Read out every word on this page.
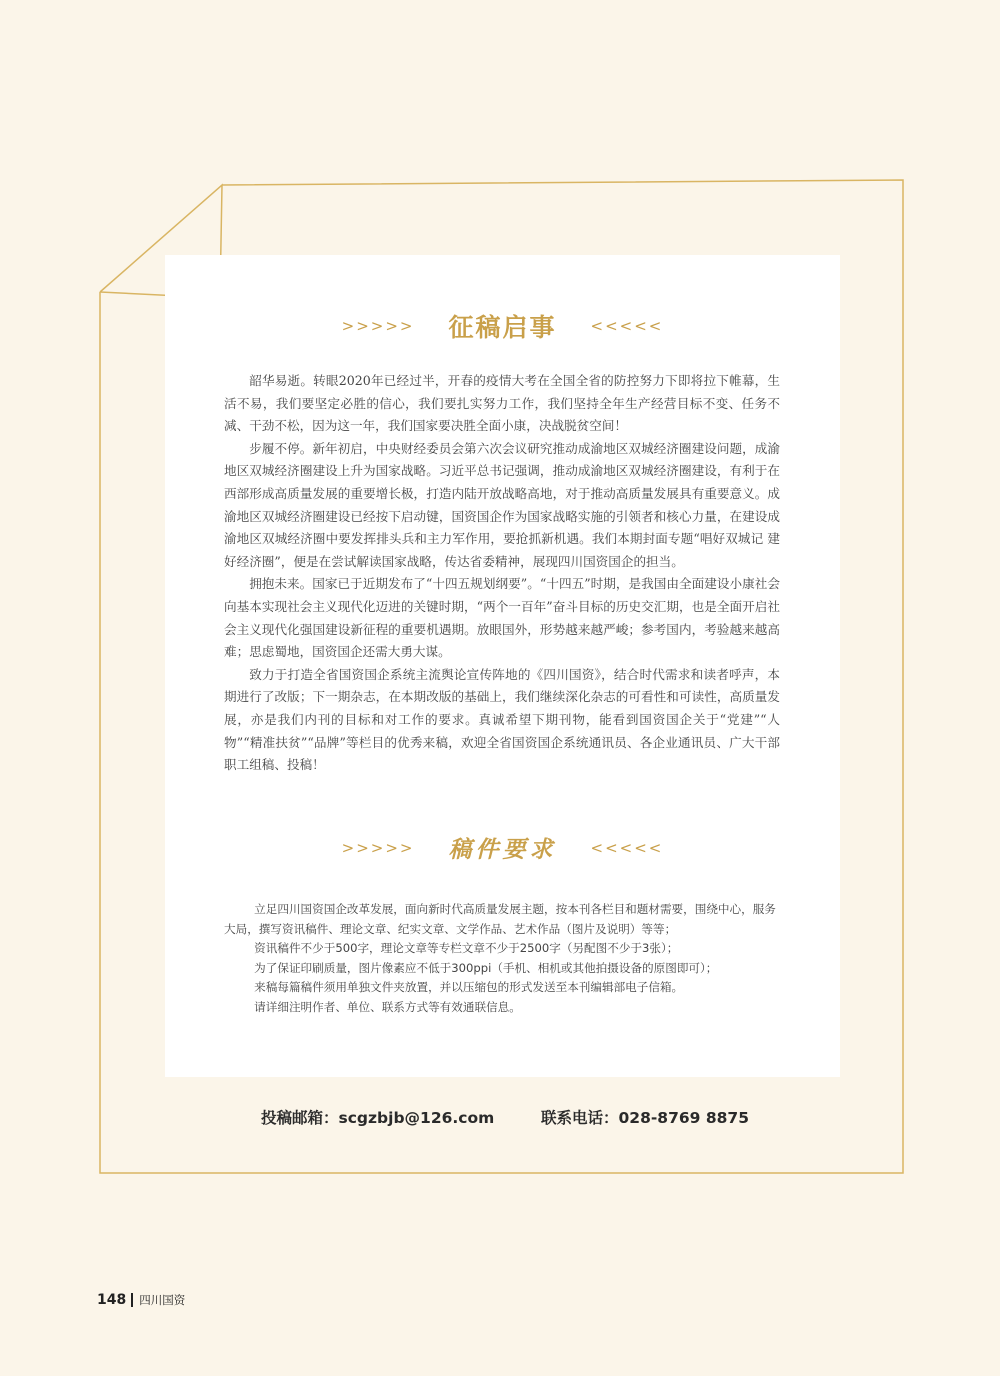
>>>>> 征稿启事 <<<<<

韶华易逝。转眼2020年已经过半，开春的疫情大考在全国全省的防控努力下即将拉下帷幕，生活不易，我们要坚定必胜的信心，我们要扎实努力工作，我们坚持全年生产经营目标不变、任务不减、干劲不松，因为这一年，我们国家要决胜全面小康，决战脱贫空间！

步履不停。新年初启，中央财经委员会第六次会议研究推动成渝地区双城经济圈建设问题，成渝地区双城经济圈建设上升为国家战略。习近平总书记强调，推动成渝地区双城经济圈建设，有利于在西部形成高质量发展的重要增长极，打造内陆开放战略高地，对于推动高质量发展具有重要意义。成渝地区双城经济圈建设已经按下启动键，国资国企作为国家战略实施的引领者和核心力量，在建设成渝地区双城经济圈中要发挥排头兵和主力军作用，要抢抓新机遇。我们本期封面专题“唱好双城记 建好经济圈”，便是在尝试解读国家战略，传达省委精神，展现四川国资国企的担当。

拥抱未来。国家已于近期发布了“十四五规划纲要”。“十四五”时期，是我国由全面建设小康社会向基本实现社会主义现代化迈进的关键时期，“两个一百年”奋斗目标的历史交汇期，也是全面开启社会主义现代化强国建设新征程的重要机遇期。放眼国外，形势越来越严峻；参考国内，考验越来越高难；思虑蜀地，国资国企还需大勇大谋。

致力于打造全省国资国企系统主流舆论宣传阵地的《四川国资》，结合时代需求和读者呼声，本期进行了改版；下一期杂志，在本期改版的基础上，我们继续深化杂志的可看性和可读性，高质量发展，亦是我们内刊的目标和对工作的要求。真诚希望下期刊物，能看到国资国企关于“党建”“人物”“精准扶贫”“品牌”等栏目的优秀来稿，欢迎全省国资国企系统通讯员、各企业通讯员、广大干部职工组稿、投稿！

>>>>> 稿件要求 <<<<<

立足四川国资国企改革发展，面向新时代高质量发展主题，按本刊各栏目和题材需要，围绕中心，服务大局，撰写资讯稿件、理论文章、纪实文章、文学作品、艺术作品（图片及说明）等等；

资讯稿件不少于500字，理论文章等专栏文章不少于2500字（另配图不少于3张）；

为了保证印刷质量，图片像素应不低于300ppi（手机、相机或其他拍摄设备的原图即可）；

来稿每篇稿件须用单独文件夹放置，并以压缩包的形式发送至本刊编辑部电子信箱。

请详细注明作者、单位、联系方式等有效通联信息。

投稿邮箱：scgzbjb@126.com	联系电话：028-8769 8875
148 四川国资
